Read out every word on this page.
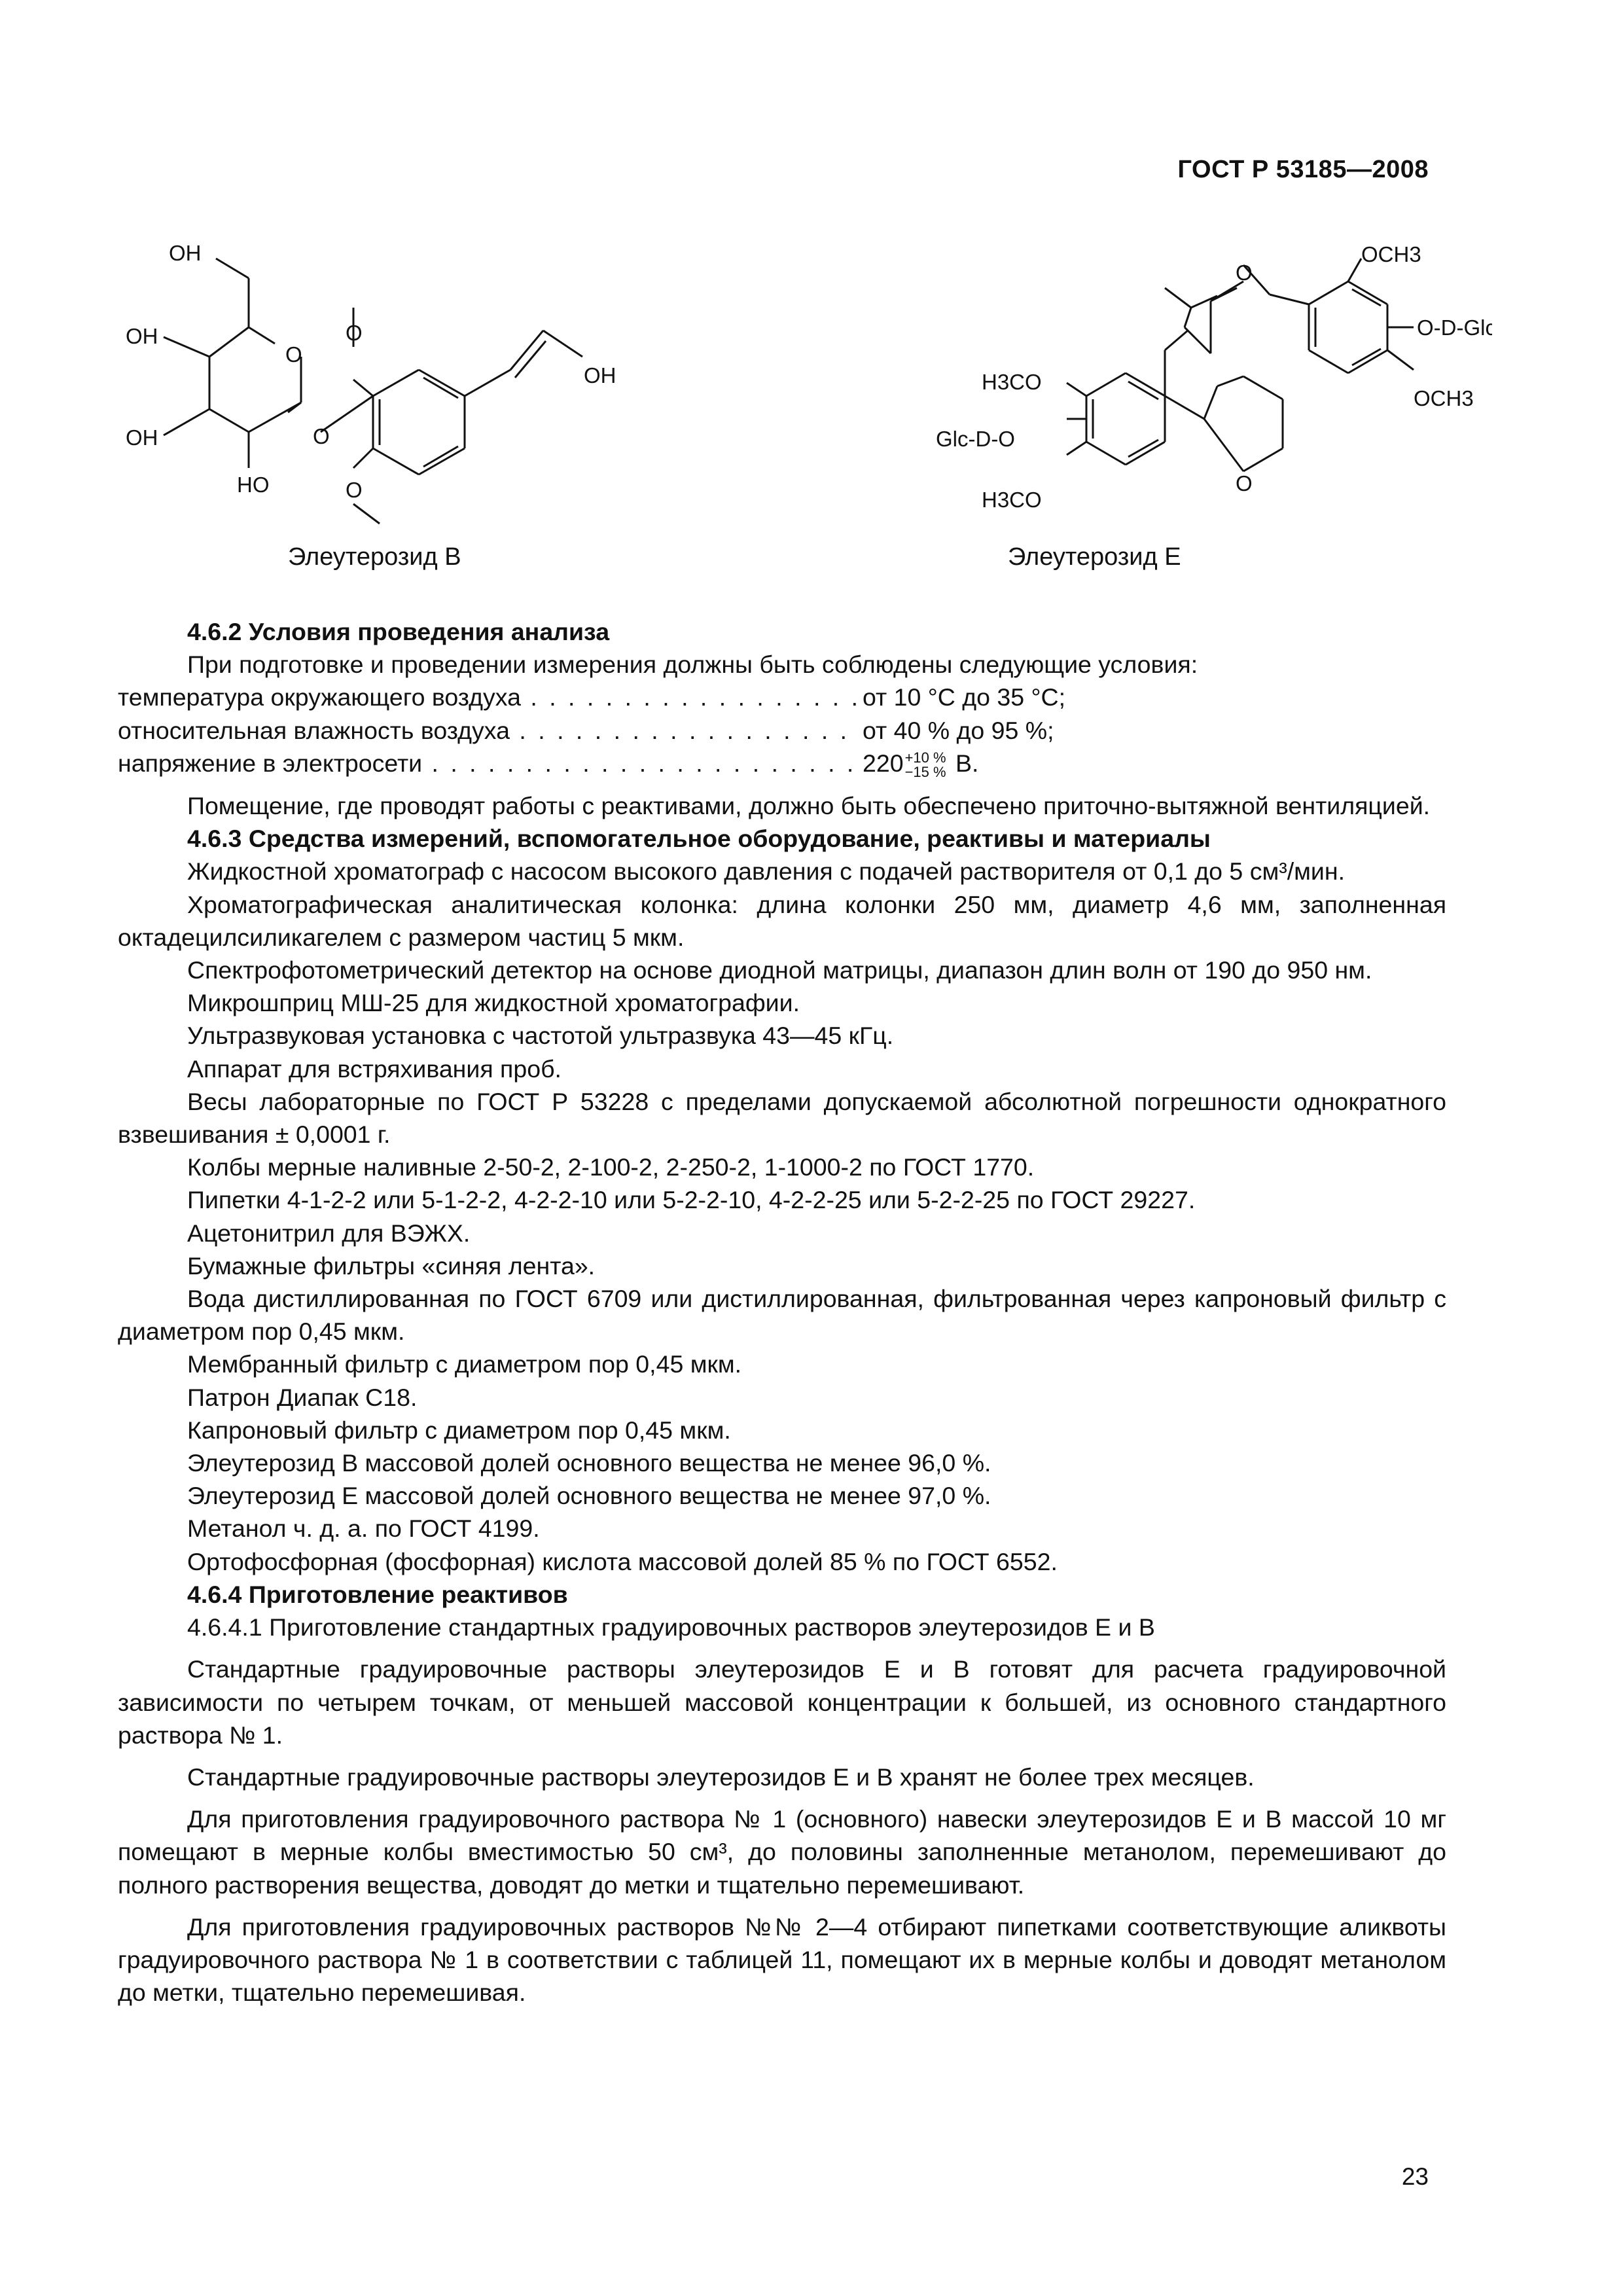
ГОСТ Р 53185—2008
OH
OH
OH
HO
O
O
O
O
OH
Элеутерозид В
OCH3
O-D-Glc
OCH3
H3CO
Glc-D-O
H3CO
O
O
Элеутерозид Е

4.6.2 Условия проведения анализа

При подготовке и проведении измерения должны быть соблюдены следующие условия:

температура окружающего воздуха . . .	от 10 °С до 35 °С;
относительная влажность воздуха . . .	от 40 % до 95 %;
напряжение в электросети . . .	220 +10 %
−15 % В.

Помещение, где проводят работы с реактивами, должно быть обеспечено приточно-вытяжной вентиляцией.

4.6.3 Средства измерений, вспомогательное оборудование, реактивы и материалы

Жидкостной хроматограф с насосом высокого давления с подачей растворителя от 0,1 до 5 см³/мин.

Хроматографическая аналитическая колонка: длина колонки 250 мм, диаметр 4,6 мм, заполненная октадецилсиликагелем с размером частиц 5 мкм.

Спектрофотометрический детектор на основе диодной матрицы, диапазон длин волн от 190 до 950 нм.

Микрошприц МШ-25 для жидкостной хроматографии.

Ультразвуковая установка с частотой ультразвука 43—45 кГц.

Аппарат для встряхивания проб.

Весы лабораторные по ГОСТ Р 53228 с пределами допускаемой абсолютной погрешности однократного взвешивания ± 0,0001 г.

Колбы мерные наливные 2-50-2, 2-100-2, 2-250-2, 1-1000-2 по ГОСТ 1770.

Пипетки 4-1-2-2 или 5-1-2-2, 4-2-2-10 или 5-2-2-10, 4-2-2-25 или 5-2-2-25 по ГОСТ 29227.

Ацетонитрил для ВЭЖХ.

Бумажные фильтры «синяя лента».

Вода дистиллированная по ГОСТ 6709 или дистиллированная, фильтрованная через капроновый фильтр с диаметром пор 0,45 мкм.

Мембранный фильтр с диаметром пор 0,45 мкм.

Патрон Диапак С18.

Капроновый фильтр с диаметром пор 0,45 мкм.

Элеутерозид В массовой долей основного вещества не менее 96,0 %.

Элеутерозид Е массовой долей основного вещества не менее 97,0 %.

Метанол ч. д. а. по ГОСТ 4199.

Ортофосфорная (фосфорная) кислота массовой долей 85 % по ГОСТ 6552.

4.6.4 Приготовление реактивов

4.6.4.1 Приготовление стандартных градуировочных растворов элеутерозидов Е и В

Стандартные градуировочные растворы элеутерозидов Е и В готовят для расчета градуировочной зависимости по четырем точкам, от меньшей массовой концентрации к большей, из основного стандартного раствора № 1.

Стандартные градуировочные растворы элеутерозидов Е и В хранят не более трех месяцев.

Для приготовления градуировочного раствора № 1 (основного) навески элеутерозидов Е и В массой 10 мг помещают в мерные колбы вместимостью 50 см³, до половины заполненные метанолом, перемешивают до полного растворения вещества, доводят до метки и тщательно перемешивают.

Для приготовления градуировочных растворов №№ 2—4 отбирают пипетками соответствующие аликвоты градуировочного раствора № 1 в соответствии с таблицей 11, помещают их в мерные колбы и доводят метанолом до метки, тщательно перемешивая.

23
